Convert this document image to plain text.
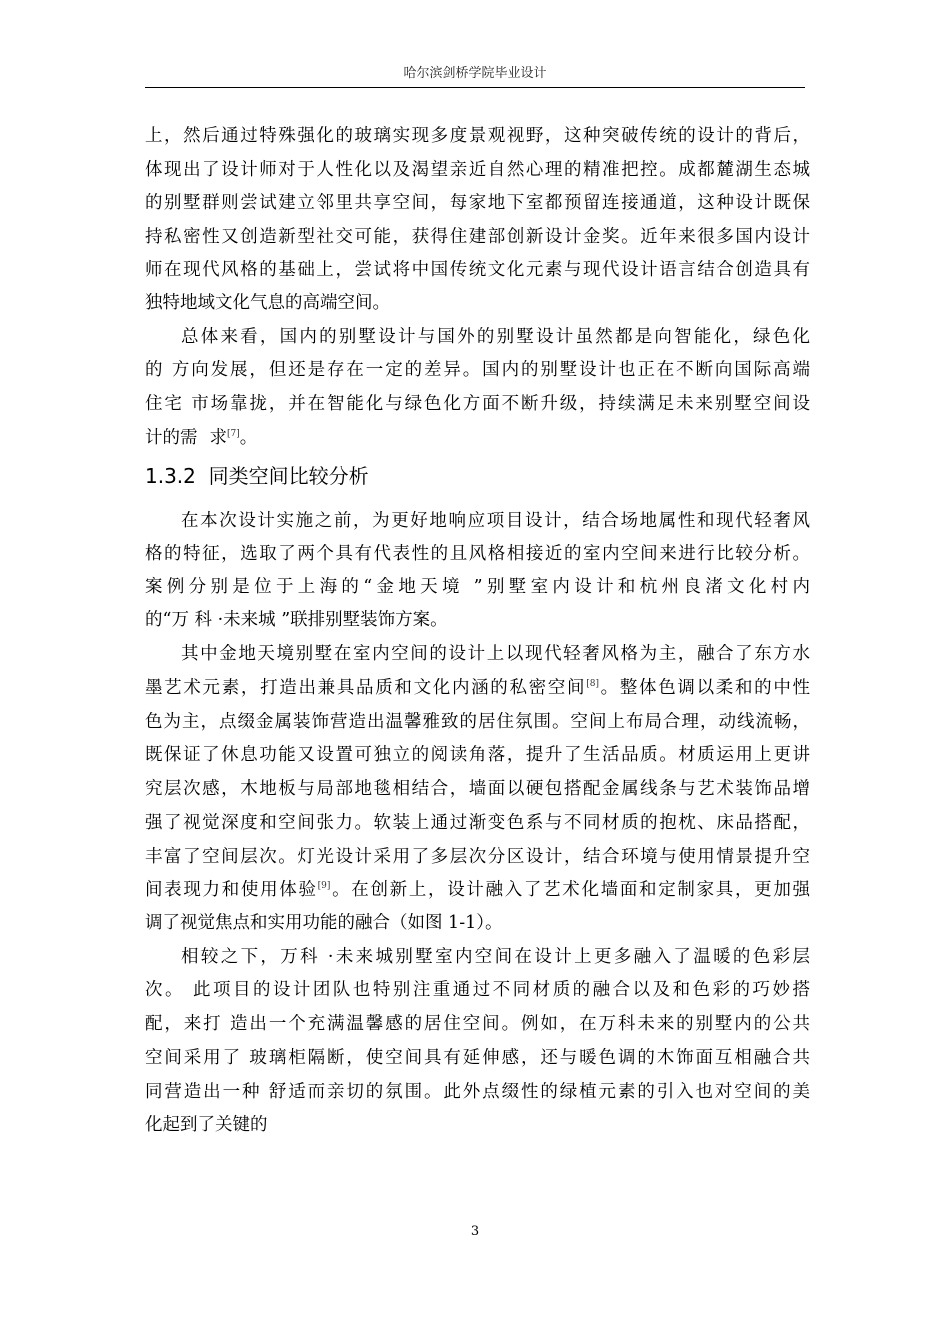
哈尔滨剑桥学院毕业设计
上，然后通过特殊强化的玻璃实现多度景观视野，这种突破传统的设计的背后，
体现出了设计师对于人性化以及渴望亲近自然心理的精准把控。成都麓湖生态城
的别墅群则尝试建立邻里共享空间，每家地下室都预留连接通道，这种设计既保
持私密性又创造新型社交可能，获得住建部创新设计金奖。近年来很多国内设计
师在现代风格的基础上，尝试将中国传统文化元素与现代设计语言结合创造具有
独特地域文化气息的高端空间。
总体来看，国内的别墅设计与国外的别墅设计虽然都是向智能化，绿色化
的 方向发展，但还是存在一定的差异。国内的别墅设计也正在不断向国际高端
住宅 市场靠拢，并在智能化与绿色化方面不断升级，持续满足未来别墅空间设
计的需 求[7]。
1.3.2 同类空间比较分析
在本次设计实施之前，为更好地响应项目设计，结合场地属性和现代轻奢风
格的特征，选取了两个具有代表性的且风格相接近的室内空间来进行比较分析。
案例分别是位于上海的“金地天境 ”别墅室内设计和杭州良渚文化村内
的“万 科 ·未来城 ”联排别墅装饰方案。
其中金地天境别墅在室内空间的设计上以现代轻奢风格为主，融合了东方水
墨艺术元素，打造出兼具品质和文化内涵的私密空间[8]。整体色调以柔和的中性
色为主，点缀金属装饰营造出温馨雅致的居住氛围。空间上布局合理，动线流畅，
既保证了休息功能又设置可独立的阅读角落，提升了生活品质。材质运用上更讲
究层次感，木地板与局部地毯相结合，墙面以硬包搭配金属线条与艺术装饰品增
强了视觉深度和空间张力。软装上通过渐变色系与不同材质的抱枕、床品搭配，
丰富了空间层次。灯光设计采用了多层次分区设计，结合环境与使用情景提升空
间表现力和使用体验[9]。在创新上，设计融入了艺术化墙面和定制家具，更加强
调了视觉焦点和实用功能的融合（如图 1-1）。
相较之下，万科 ·未来城别墅室内空间在设计上更多融入了温暖的色彩层
次。 此项目的设计团队也特别注重通过不同材质的融合以及和色彩的巧妙搭
配，来打 造出一个充满温馨感的居住空间。例如，在万科未来的别墅内的公共
空间采用了 玻璃柜隔断，使空间具有延伸感，还与暖色调的木饰面互相融合共
同营造出一种 舒适而亲切的氛围。此外点缀性的绿植元素的引入也对空间的美
化起到了关键的
3
